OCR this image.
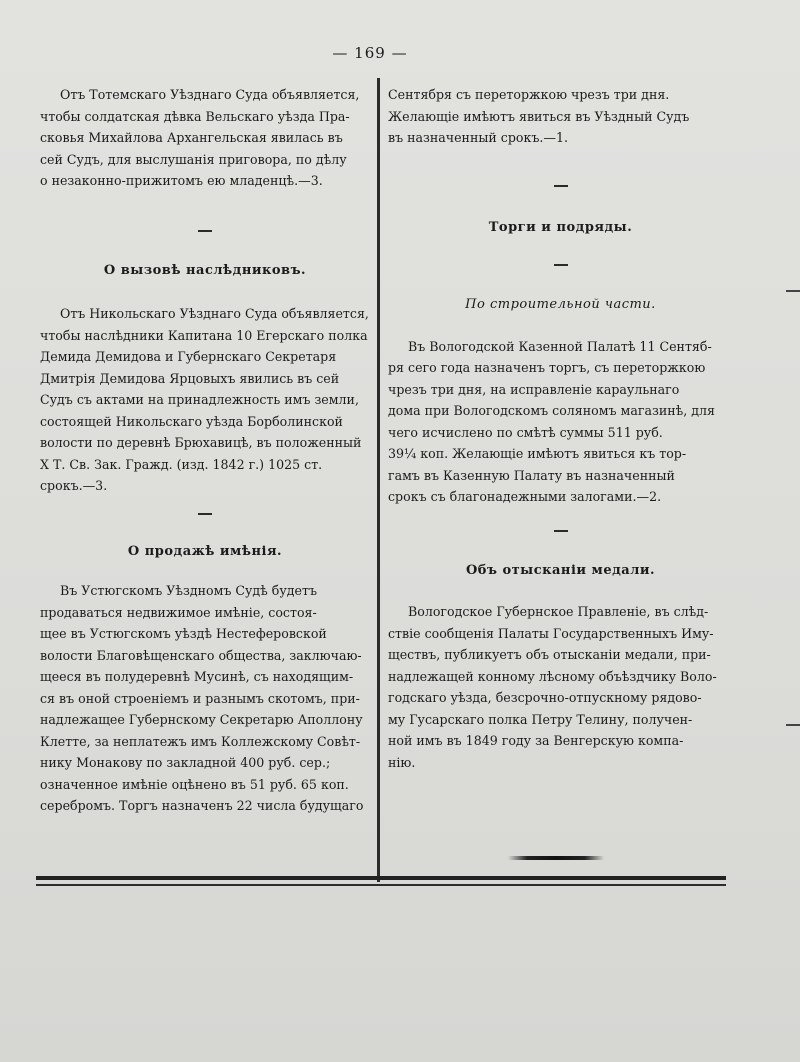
— 169 —

Отъ Тотемскаго Уѣзднаго Суда объявляется,

чтобы солдатская дѣвка Вельскаго уѣзда Пра-

сковья Михайлова Архангельская явилась въ

сей Судъ, для выслушанія приговора, по дѣлу

о незаконно-прижитомъ ею младенцѣ.—3.

О вызовѣ наслѣдниковъ.

Отъ Никольскаго Уѣзднаго Суда объявляется,

чтобы наслѣдники Капитана 10 Егерскаго полка

Демида Демидова и Губернскаго Секретаря

Дмитрія Демидова Ярцовыхъ явились въ сей

Судъ съ актами на принадлежность имъ земли,

состоящей Никольскаго уѣзда Борболинской

волости по деревнѣ Брюхавицѣ, въ положенный

Х Т. Св. Зак. Гражд. (изд. 1842 г.) 1025 ст.

срокъ.—3.

О продажѣ имѣнія.

Въ Устюгскомъ Уѣздномъ Судѣ будетъ

продаваться недвижимое имѣніе, состоя-

щее въ Устюгскомъ уѣздѣ Нестеферовской

волости Благовѣщенскаго общества, заключаю-

щееся въ полудеревнѣ Мусинѣ, съ находящим-

ся въ оной строеніемъ и разнымъ скотомъ, при-

надлежащее Губернскому Секретарю Аполлону

Клетте, за неплатежъ имъ Коллежскому Совѣт-

нику Монакову по закладной 400 руб. сер.;

означенное имѣніе оцѣнено въ 51 руб. 65 коп.

серебромъ. Торгъ назначенъ 22 числа будущаго

Сентября съ переторжкою чрезъ три дня.

Желающіе имѣютъ явиться въ Уѣздный Судъ

въ назначенный срокъ.—1.

Торги и подряды.

По строительной части.

Въ Вологодской Казенной Палатѣ 11 Сентяб-

ря сего года назначенъ торгъ, съ переторжкою

чрезъ три дня, на исправленіе караульнаго

дома при Вологодскомъ соляномъ магазинѣ, для

чего исчислено по смѣтѣ суммы 511 руб.

39¼ коп. Желающіе имѣютъ явиться къ тор-

гамъ въ Казенную Палату въ назначенный

срокъ съ благонадежными залогами.—2.

Объ отысканіи медали.

Вологодское Губернское Правленіе, въ слѣд-

ствіе сообщенія Палаты Государственныхъ Иму-

ществъ, публикуетъ объ отысканіи медали, при-

надлежащей конному лѣсному объѣздчику Воло-

годскаго уѣзда, безсрочно-отпускному рядово-

му Гусарскаго полка Петру Телину, получен-

ной имъ въ 1849 году за Венгерскую компа-

нію.
